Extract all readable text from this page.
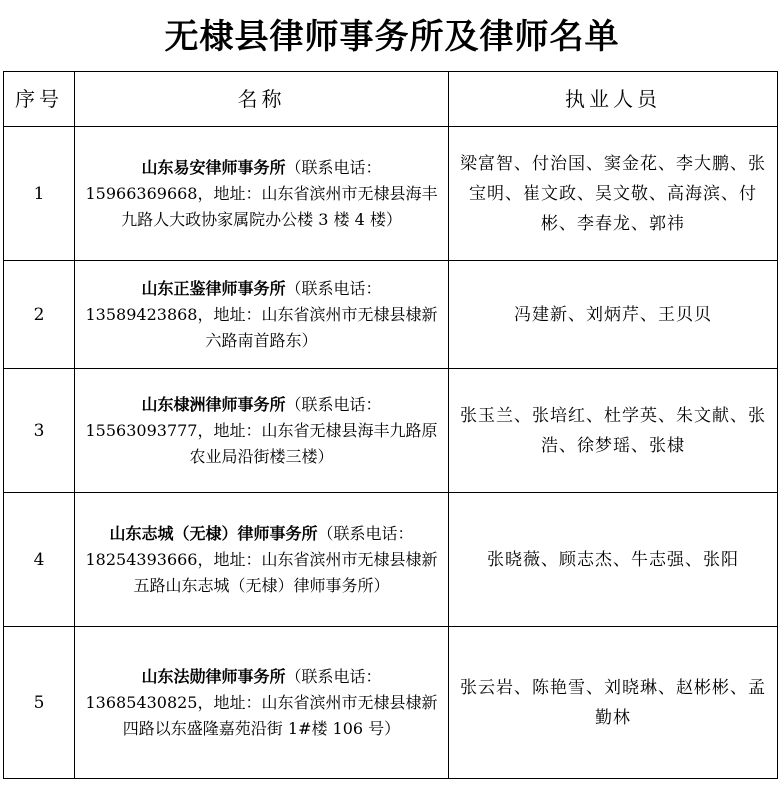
无棣县律师事务所及律师名单
序号	名称	执业人员
1	山东易安律师事务所（联系电话：15966369668，地址：山东省滨州市无棣县海丰九路人大政协家属院办公楼 3 楼 4 楼）	梁富智、付治国、窦金花、李大鹏、张宝明、崔文政、吴文敬、高海滨、付彬、李春龙、郭祎
2	山东正鉴律师事务所（联系电话：13589423868，地址：山东省滨州市无棣县棣新六路南首路东）	冯建新、刘炳芹、王贝贝
3	山东棣洲律师事务所（联系电话：15563093777，地址：山东省无棣县海丰九路原农业局沿街楼三楼）	张玉兰、张培红、杜学英、朱文献、张浩、徐梦瑶、张棣
4	山东志城（无棣）律师事务所（联系电话：18254393666，地址：山东省滨州市无棣县棣新五路山东志城（无棣）律师事务所）	张晓薇、顾志杰、牛志强、张阳
5	山东法勋律师事务所（联系电话：13685430825，地址：山东省滨州市无棣县棣新四路以东盛隆嘉苑沿街 1#楼 106 号）	张云岩、陈艳雪、刘晓琳、赵彬彬、孟勤林
